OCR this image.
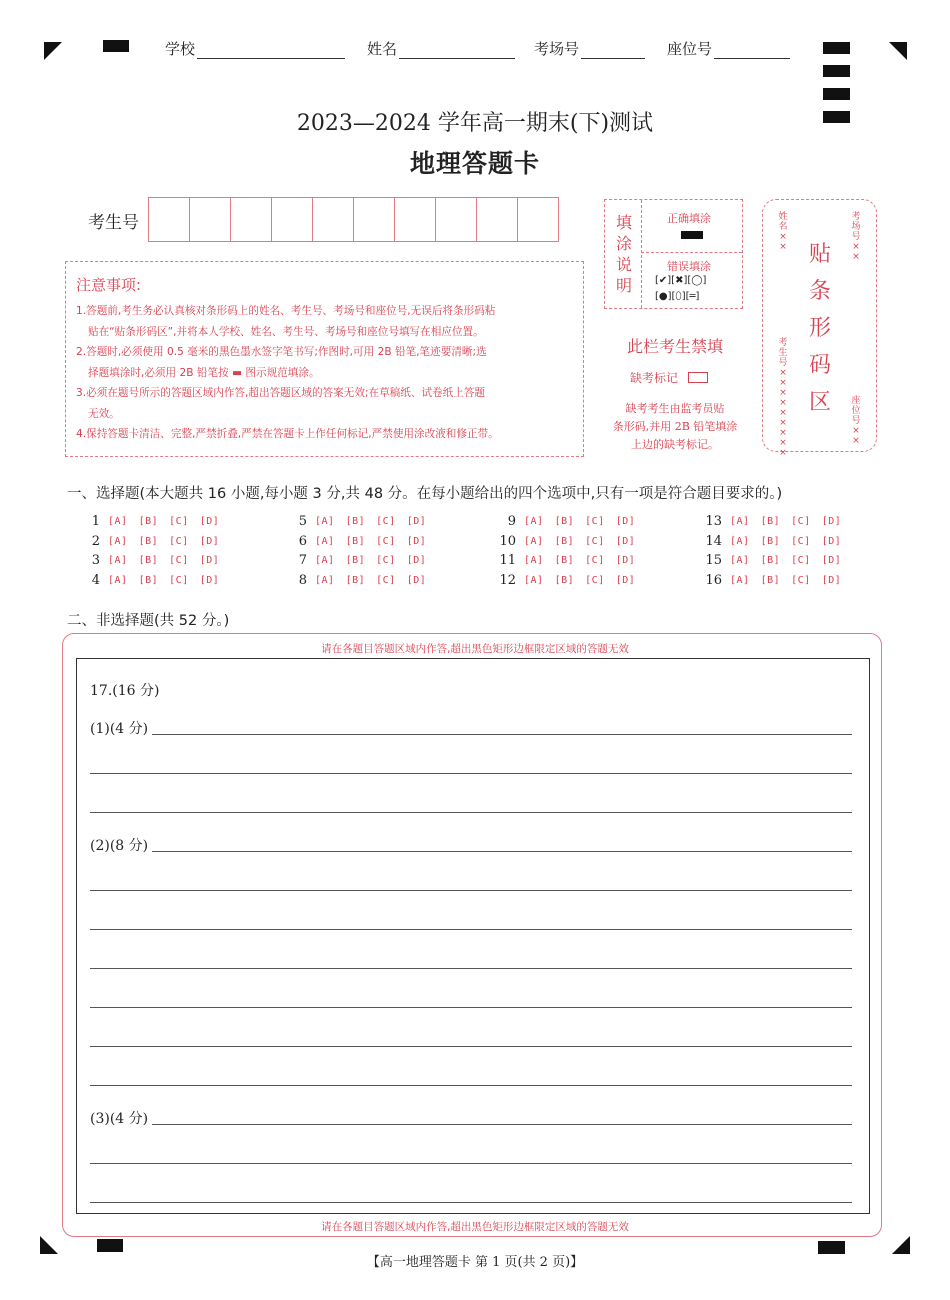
学校	姓名	考场号	座位号
2023—2024 学年高一期末(下)测试
地理答题卡
考生号
注意事项:
1.答题前,考生务必认真核对条形码上的姓名、考生号、考场号和座位号,无误后将条形码粘
贴在“贴条形码区”,并将本人学校、姓名、考生号、考场号和座位号填写在相应位置。
2.答题时,必须使用 0.5 毫米的黑色墨水签字笔书写;作图时,可用 2B 铅笔,笔迹要清晰;选
择题填涂时,必须用 2B 铅笔按 ▬ 图示规范填涂。
3.必须在题号所示的答题区域内作答,超出答题区域的答案无效;在草稿纸、试卷纸上答题
无效。
4.保持答题卡清洁、完整,严禁折叠,严禁在答题卡上作任何标记,严禁使用涂改液和修正带。
填涂说明
正确填涂
错误填涂
[✔][✖][◯]
[●][⬯][═]
姓名××
考场号××
贴条形码区
考生号×××××××××
座位号××
此栏考生禁填
缺考标记
缺考考生由监考员贴
条形码,并用 2B 铅笔填涂
上边的缺考标记。
一、选择题(本大题共 16 小题,每小题 3 分,共 48 分。在每小题给出的四个选项中,只有一项是符合题目要求的。)
1 [A] [B] [C] [D]
2 [A] [B] [C] [D]
3 [A] [B] [C] [D]
4 [A] [B] [C] [D]
5 [A] [B] [C] [D]
6 [A] [B] [C] [D]
7 [A] [B] [C] [D]
8 [A] [B] [C] [D]
9 [A] [B] [C] [D]
10 [A] [B] [C] [D]
11 [A] [B] [C] [D]
12 [A] [B] [C] [D]
13 [A] [B] [C] [D]
14 [A] [B] [C] [D]
15 [A] [B] [C] [D]
16 [A] [B] [C] [D]
二、非选择题(共 52 分。)
请在各题目答题区域内作答,超出黑色矩形边框限定区域的答题无效
请在各题目答题区域内作答,超出黑色矩形边框限定区域的答题无效
17.(16 分)
(1)(4 分)
(2)(8 分)
(3)(4 分)
【高一地理答题卡 第 1 页(共 2 页)】
